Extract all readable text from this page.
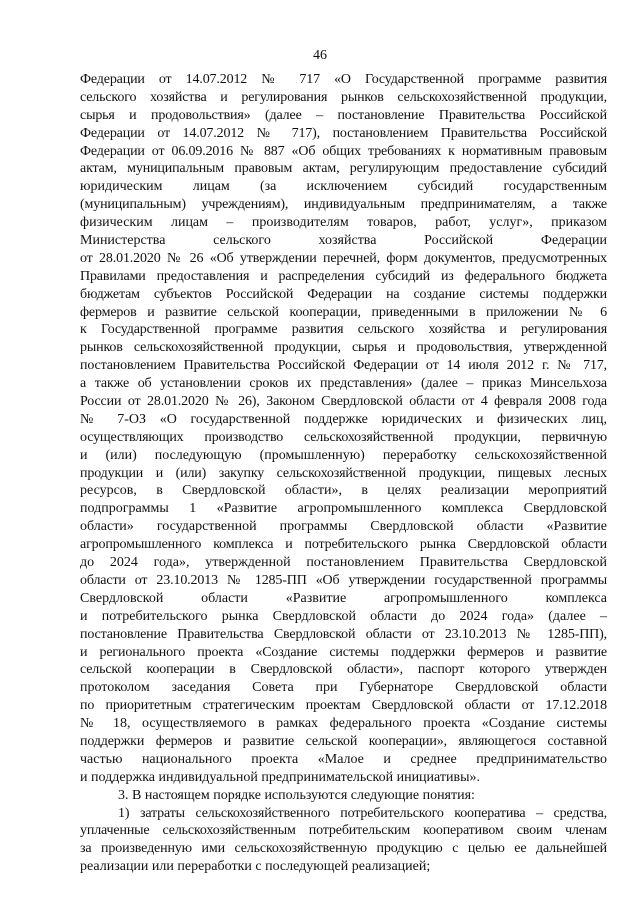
46
Федерации от 14.07.2012 № 717 «О Государственной программе развития
сельского хозяйства и регулирования рынков сельскохозяйственной продукции,
сырья и продовольствия» (далее – постановление Правительства Российской
Федерации от 14.07.2012 № 717), постановлением Правительства Российской
Федерации от 06.09.2016 № 887 «Об общих требованиях к нормативным правовым
актам, муниципальным правовым актам, регулирующим предоставление субсидий
юридическим лицам (за исключением субсидий государственным
(муниципальным) учреждениям), индивидуальным предпринимателям, а также
физическим лицам – производителям товаров, работ, услуг», приказом
Министерства сельского хозяйства Российской Федерации
от 28.01.2020 № 26 «Об утверждении перечней, форм документов, предусмотренных
Правилами предоставления и распределения субсидий из федерального бюджета
бюджетам субъектов Российской Федерации на создание системы поддержки
фермеров и развитие сельской кооперации, приведенными в приложении № 6
к Государственной программе развития сельского хозяйства и регулирования
рынков сельскохозяйственной продукции, сырья и продовольствия, утвержденной
постановлением Правительства Российской Федерации от 14 июля 2012 г. № 717,
а также об установлении сроков их представления» (далее – приказ Минсельхоза
России от 28.01.2020 № 26), Законом Свердловской области от 4 февраля 2008 года
№ 7-ОЗ «О государственной поддержке юридических и физических лиц,
осуществляющих производство сельскохозяйственной продукции, первичную
и (или) последующую (промышленную) переработку сельскохозяйственной
продукции и (или) закупку сельскохозяйственной продукции, пищевых лесных
ресурсов, в Свердловской области», в целях реализации мероприятий
подпрограммы 1 «Развитие агропромышленного комплекса Свердловской
области» государственной программы Свердловской области «Развитие
агропромышленного комплекса и потребительского рынка Свердловской области
до 2024 года», утвержденной постановлением Правительства Свердловской
области от 23.10.2013 № 1285-ПП «Об утверждении государственной программы
Свердловской области «Развитие агропромышленного комплекса
и потребительского рынка Свердловской области до 2024 года» (далее –
постановление Правительства Свердловской области от 23.10.2013 № 1285-ПП),
и регионального проекта «Создание системы поддержки фермеров и развитие
сельской кооперации в Свердловской области», паспорт которого утвержден
протоколом заседания Совета при Губернаторе Свердловской области
по приоритетным стратегическим проектам Свердловской области от 17.12.2018
№ 18, осуществляемого в рамках федерального проекта «Создание системы
поддержки фермеров и развитие сельской кооперации», являющегося составной
частью национального проекта «Малое и среднее предпринимательство
и поддержка индивидуальной предпринимательской инициативы».
3. В настоящем порядке используются следующие понятия:
1) затраты сельскохозяйственного потребительского кооператива – средства,
уплаченные сельскохозяйственным потребительским кооперативом своим членам
за произведенную ими сельскохозяйственную продукцию с целью ее дальнейшей
реализации или переработки с последующей реализацией;
